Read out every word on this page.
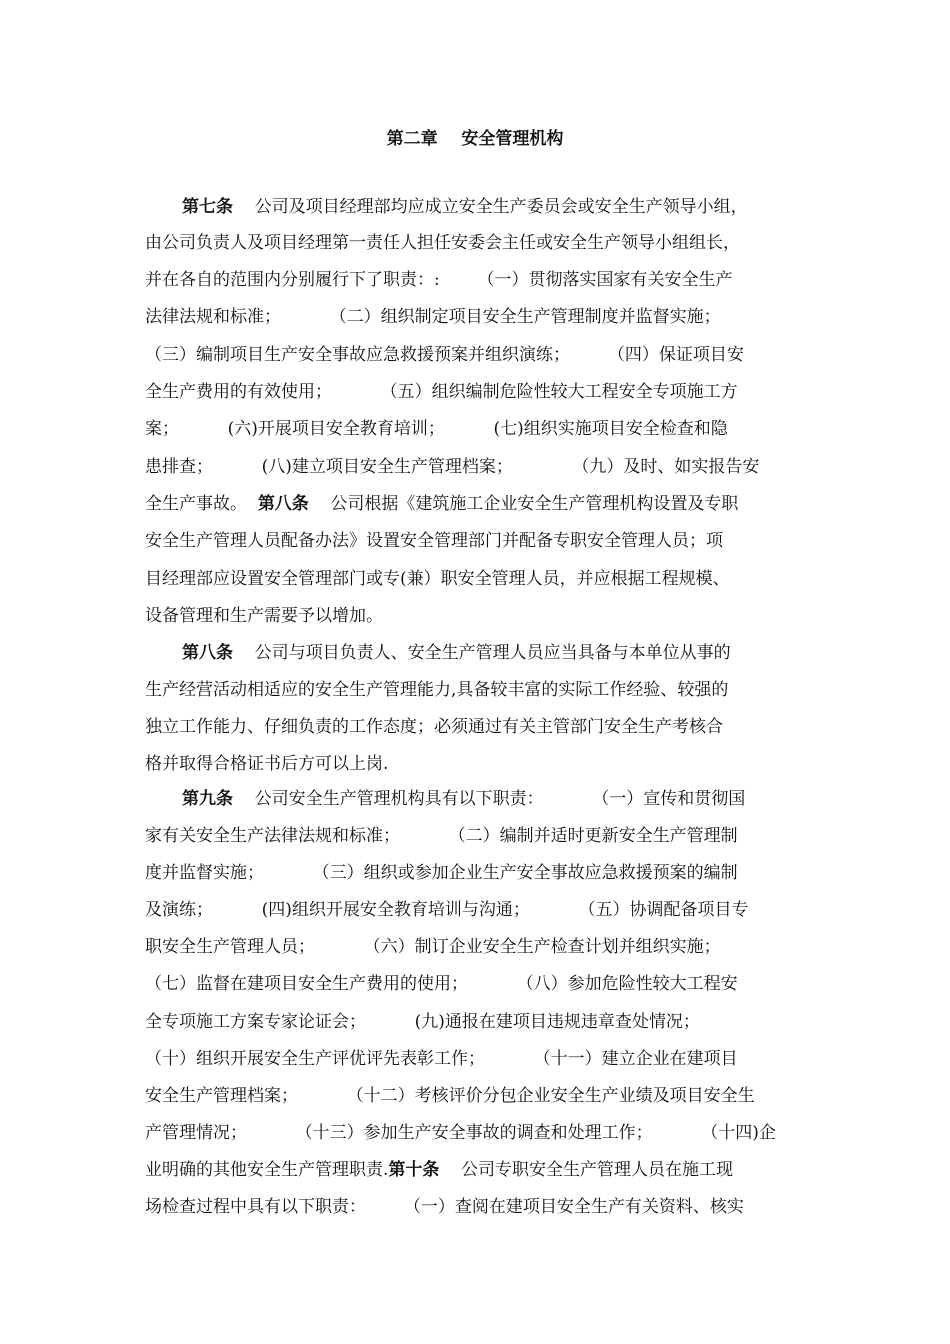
第二章    安全管理机构
第七条    公司及项目经理部均应成立安全生产委员会或安全生产领导小组，
由公司负责人及项目经理第一责任人担任安委会主任或安全生产领导小组组长，
并在各自的范围内分别履行下了职责：:       （一）贯彻落实国家有关安全生产
法律法规和标准；         （二）组织制定项目安全生产管理制度并监督实施；
（三）编制项目生产安全事故应急救援预案并组织演练；       （四）保证项目安
全生产费用的有效使用；         （五）组织编制危险性较大工程安全专项施工方
案；         (六)开展项目安全教育培训；         (七)组织实施项目安全检查和隐
患排查；         (八)建立项目安全生产管理档案；           （九）及时、如实报告安
全生产事故。  第八条    公司根据《建筑施工企业安全生产管理机构设置及专职
安全生产管理人员配备办法》设置安全管理部门并配备专职安全管理人员；项
目经理部应设置安全管理部门或专(兼）职安全管理人员，并应根据工程规模、
设备管理和生产需要予以增加。
第八条    公司与项目负责人、安全生产管理人员应当具备与本单位从事的
生产经营活动相适应的安全生产管理能力,具备较丰富的实际工作经验、较强的
独立工作能力、仔细负责的工作态度；必须通过有关主管部门安全生产考核合
格并取得合格证书后方可以上岗.
第九条    公司安全生产管理机构具有以下职责：         （一）宣传和贯彻国
家有关安全生产法律法规和标准；         （二）编制并适时更新安全生产管理制
度并监督实施；         （三）组织或参加企业生产安全事故应急救援预案的编制
及演练；         (四)组织开展安全教育培训与沟通；         （五）协调配备项目专
职安全生产管理人员；         （六）制订企业安全生产检查计划并组织实施；
（七）监督在建项目安全生产费用的使用；         （八）参加危险性较大工程安
全专项施工方案专家论证会；         (九)通报在建项目违规违章查处情况；
（十）组织开展安全生产评优评先表彰工作；         （十一）建立企业在建项目
安全生产管理档案；         （十二）考核评价分包企业安全生产业绩及项目安全生
产管理情况；         （十三）参加生产安全事故的调查和处理工作；         （十四)企
业明确的其他安全生产管理职责.第十条    公司专职安全生产管理人员在施工现
场检查过程中具有以下职责：       （一）查阅在建项目安全生产有关资料、核实
